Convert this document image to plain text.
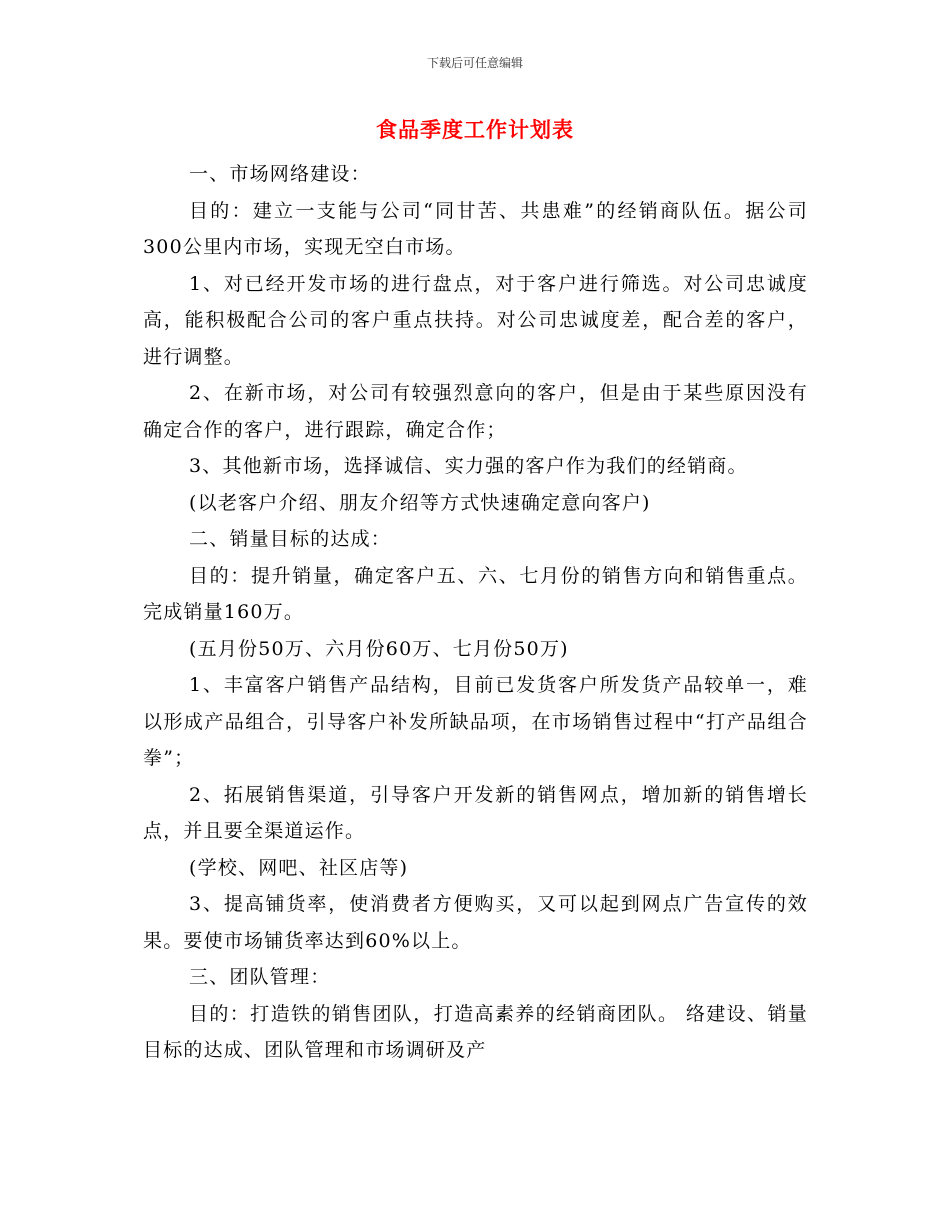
下载后可任意编辑
食品季度工作计划表

一、市场网络建设：

目的：建立一支能与公司“同甘苦、共患难”的经销商队伍。据公司300公里内市场，实现无空白市场。

1、对已经开发市场的进行盘点，对于客户进行筛选。对公司忠诚度高，能积极配合公司的客户重点扶持。对公司忠诚度差，配合差的客户，进行调整。

2、在新市场，对公司有较强烈意向的客户，但是由于某些原因没有确定合作的客户，进行跟踪，确定合作；

3、其他新市场，选择诚信、实力强的客户作为我们的经销商。

(以老客户介绍、朋友介绍等方式快速确定意向客户)

二、销量目标的达成：

目的：提升销量，确定客户五、六、七月份的销售方向和销售重点。完成销量160万。

(五月份50万、六月份60万、七月份50万)

1、丰富客户销售产品结构，目前已发货客户所发货产品较单一，难以形成产品组合，引导客户补发所缺品项，在市场销售过程中“打产品组合拳”；

2、拓展销售渠道，引导客户开发新的销售网点，增加新的销售增长点，并且要全渠道运作。

(学校、网吧、社区店等)

3、提高铺货率，使消费者方便购买，又可以起到网点广告宣传的效果。要使市场铺货率达到60%以上。

三、团队管理：

目的：打造铁的销售团队，打造高素养的经销商团队。 络建设、销量目标的达成、团队管理和市场调研及产
